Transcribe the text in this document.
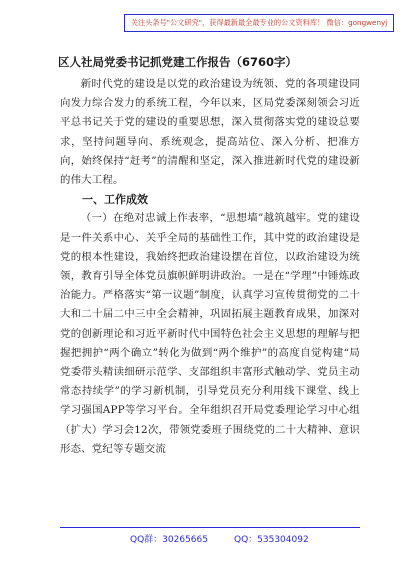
关注头条号"公文研究"，获得最新最全最专业的公文资料库！ 微信：gongwenyj
区人社局党委书记抓党建工作报告（6760字）

新时代党的建设是以党的政治建设为统领、党的各项建设同向发力综合发力的系统工程，今年以来，区局党委深刻领会习近平总书记关于党的建设的重要思想，深入贯彻落实党的建设总要求，坚持问题导向、系统观念，提高站位、深入分析、把准方向，始终保持“赶考”的清醒和坚定，深入推进新时代党的建设新的伟大工程。

一、工作成效

（一）在绝对忠诚上作表率，“思想墙”越筑越牢。党的建设是一件关系中心、关乎全局的基础性工作，其中党的政治建设是党的根本性建设，我始终把政治建设摆在首位，以政治建设为统领，教育引导全体党员旗帜鲜明讲政治。一是在“学理”中锤炼政治能力。严格落实“第一议题”制度，认真学习宣传贯彻党的二十大和二十届二中三中全会精神，巩固拓展主题教育成果，加深对党的创新理论和习近平新时代中国特色社会主义思想的理解与把握把拥护“两个确立”转化为做到“两个维护”的高度自觉构建“局党委带头精读细研示范学、支部组织丰富形式触动学、党员主动常态持续学”的学习新机制，引导党员充分利用线下课堂、线上学习强国APP等学习平台。全年组织召开局党委理论学习中心组（扩大）学习会12次，带领党委班子围绕党的二十大精神、意识形态、党纪等专题交流

QQ群：30265665	QQ：535304092
